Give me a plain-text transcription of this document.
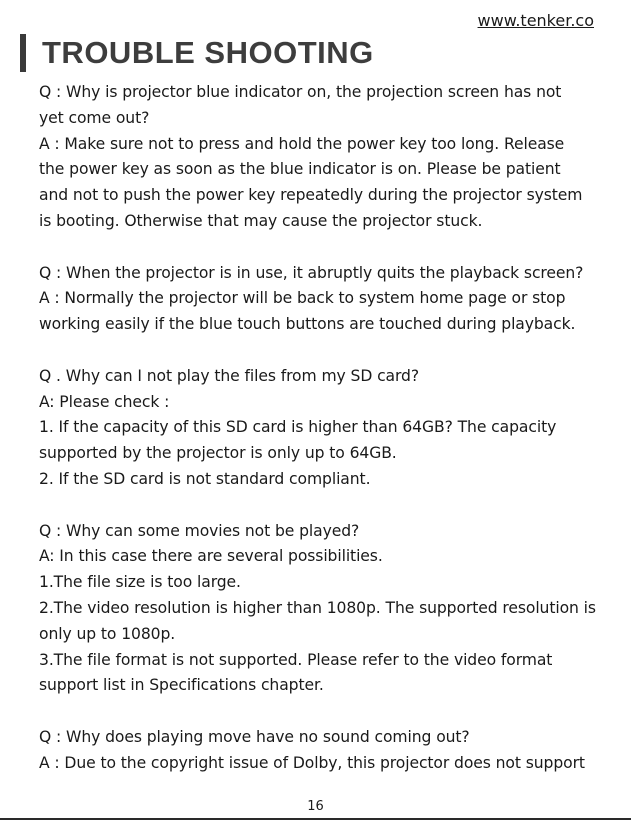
www.tenker.co
TROUBLE SHOOTING
Q : Why is projector blue indicator on, the projection screen has not
yet come out?
A : Make sure not to press and hold the power key too long. Release
the power key as soon as the blue indicator is on. Please be patient
and not to push the power key repeatedly during the projector system
is booting. Otherwise that may cause the projector stuck.
Q : When the projector is in use, it abruptly quits the playback screen?
A : Normally the projector will be back to system home page or stop
working easily if the blue touch buttons are touched during playback.
Q . Why can I not play the files from my SD card?
A: Please check :
1. If the capacity of this SD card is higher than 64GB? The capacity
supported by the projector is only up to 64GB.
2. If the SD card is not standard compliant.
Q : Why can some movies not be played?
A: In this case there are several possibilities.
1.The file size is too large.
2.The video resolution is higher than 1080p. The supported resolution is
only up to 1080p.
3.The file format is not supported. Please refer to the video format
support list in Specifications chapter.
Q : Why does playing move have no sound coming out?
A : Due to the copyright issue of Dolby, this projector does not support
16
